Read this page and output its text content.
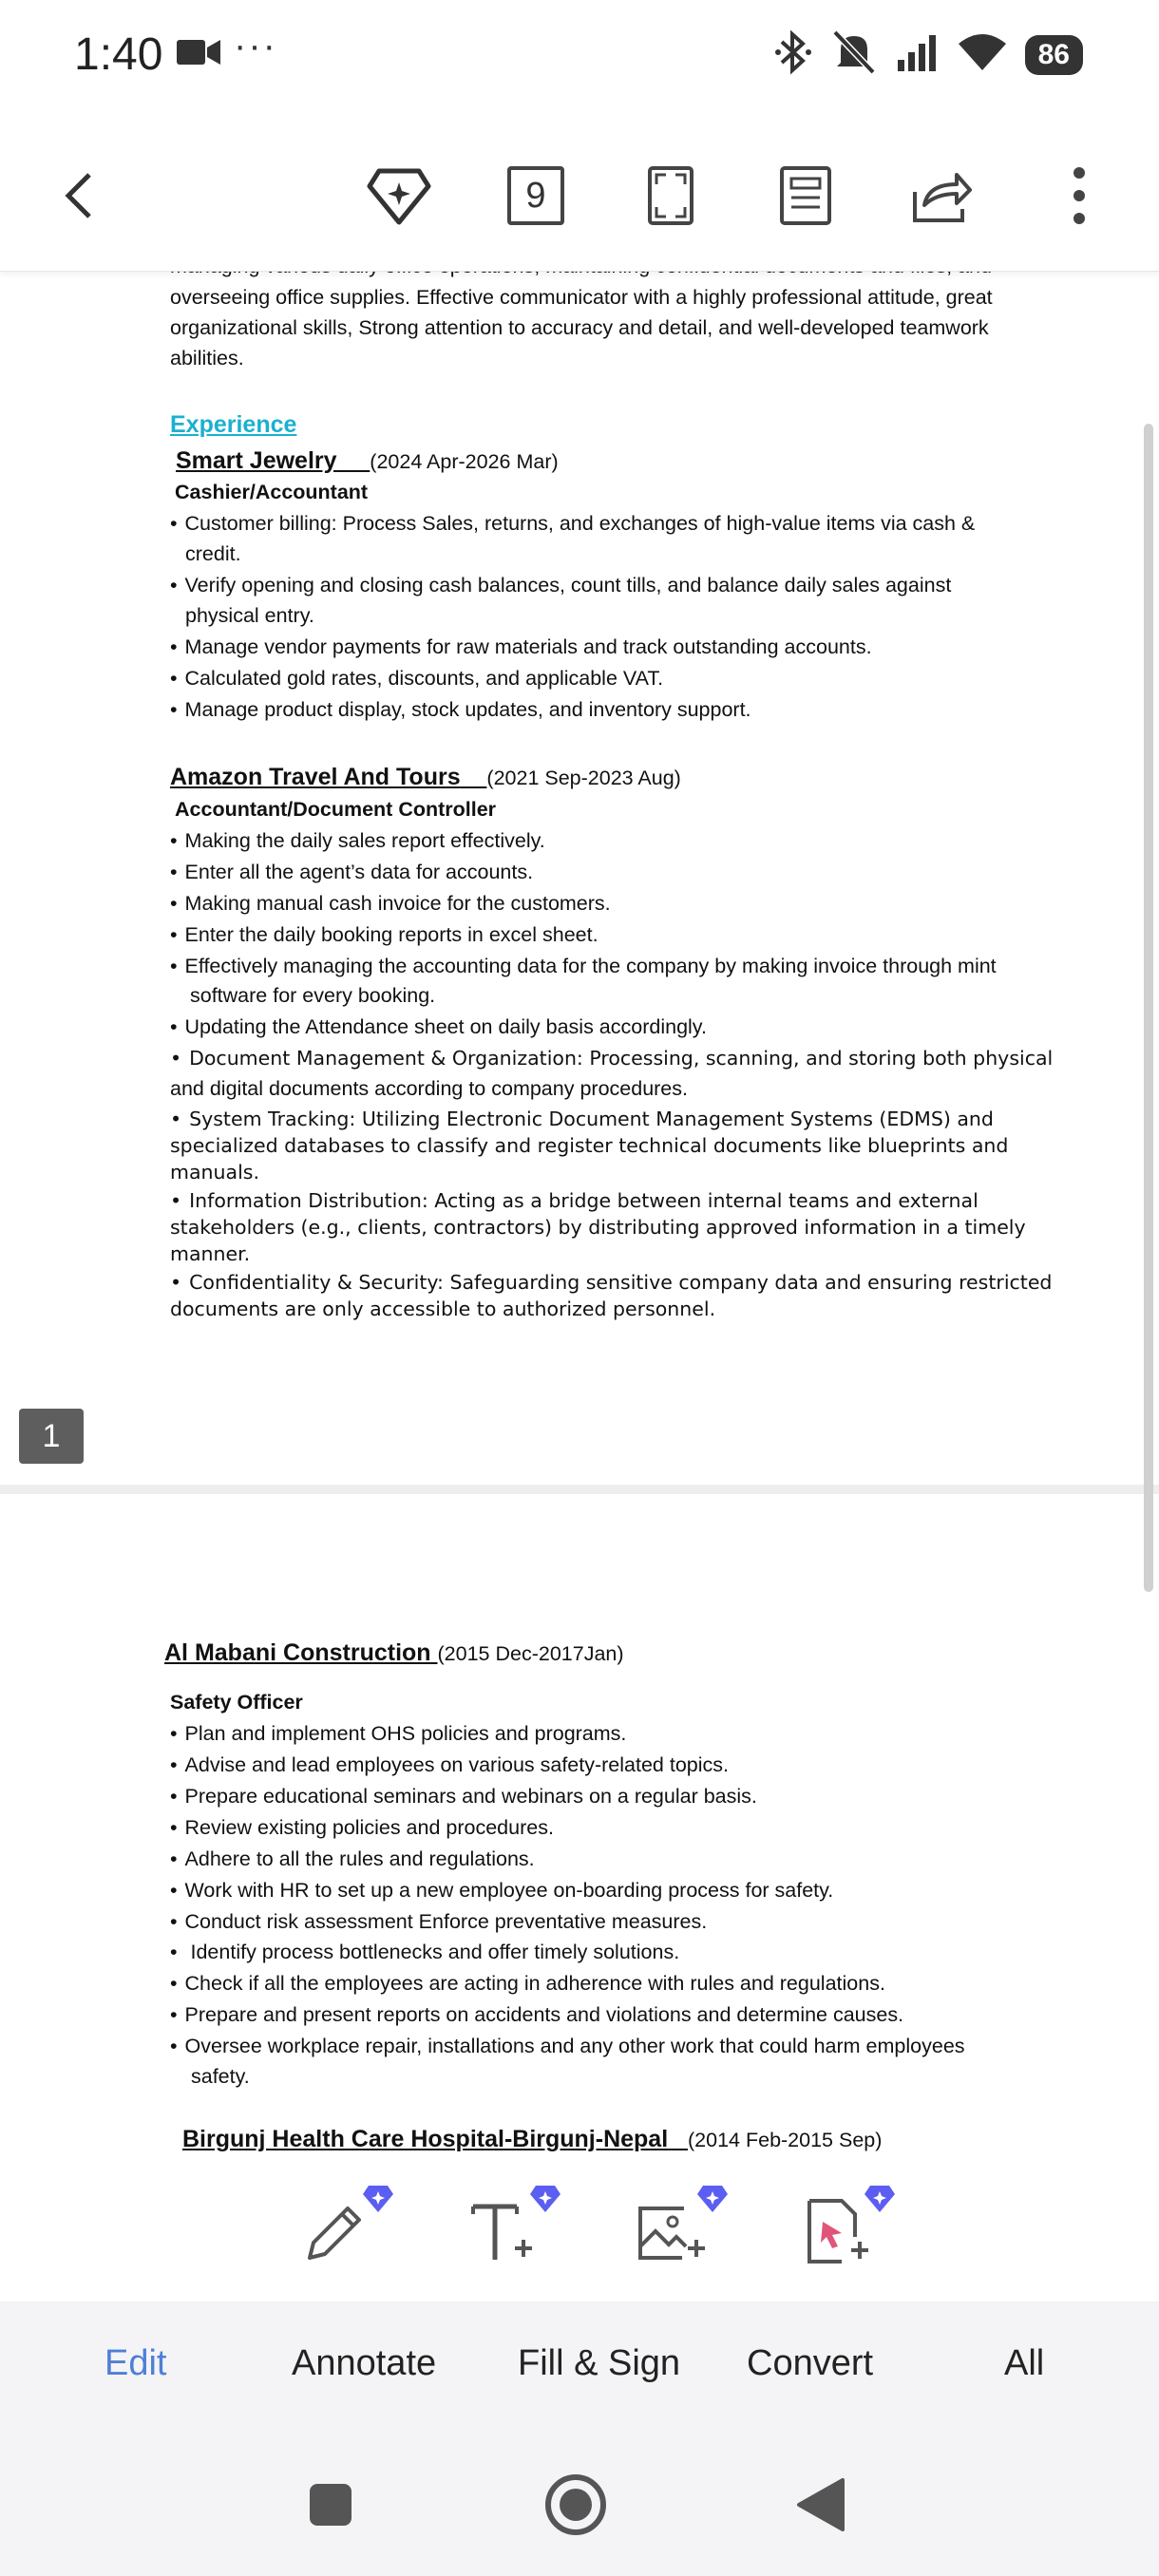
1:40 ···	86
9
overseeing office supplies. Effective communicator with a highly professional attitude, great
organizational skills, Strong attention to accuracy and detail, and well-developed teamwork
abilities.
Experience
Smart Jewelry (2024 Apr-2026 Mar)
Cashier/Accountant
• Customer billing: Process Sales, returns, and exchanges of high-value items via cash &
credit.
• Verify opening and closing cash balances, count tills, and balance daily sales against
physical entry.
• Manage vendor payments for raw materials and track outstanding accounts.
• Calculated gold rates, discounts, and applicable VAT.
• Manage product display, stock updates, and inventory support.
Amazon Travel And Tours (2021 Sep-2023 Aug)
Accountant/Document Controller
• Making the daily sales report effectively.
• Enter all the agent’s data for accounts.
• Making manual cash invoice for the customers.
• Enter the daily booking reports in excel sheet.
• Effectively managing the accounting data for the company by making invoice through mint
software for every booking.
• Updating the Attendance sheet on daily basis accordingly.
• Document Management & Organization: Processing, scanning, and storing both physical
and digital documents according to company procedures.
• System Tracking: Utilizing Electronic Document Management Systems (EDMS) and
specialized databases to classify and register technical documents like blueprints and
manuals.
• Information Distribution: Acting as a bridge between internal teams and external
stakeholders (e.g., clients, contractors) by distributing approved information in a timely
manner.
• Confidentiality & Security: Safeguarding sensitive company data and ensuring restricted
documents are only accessible to authorized personnel.
1
Al Mabani Construction (2015 Dec-2017Jan)
Safety Officer
• Plan and implement OHS policies and programs.
• Advise and lead employees on various safety-related topics.
• Prepare educational seminars and webinars on a regular basis.
• Review existing policies and procedures.
• Adhere to all the rules and regulations.
• Work with HR to set up a new employee on-boarding process for safety.
• Conduct risk assessment Enforce preventative measures.
• Identify process bottlenecks and offer timely solutions.
• Check if all the employees are acting in adherence with rules and regulations.
• Prepare and present reports on accidents and violations and determine causes.
• Oversee workplace repair, installations and any other work that could harm employees
safety.
Birgunj Health Care Hospital-Birgunj-Nepal (2014 Feb-2015 Sep)
Edit	Annotate Fill & Sign Convert	All
